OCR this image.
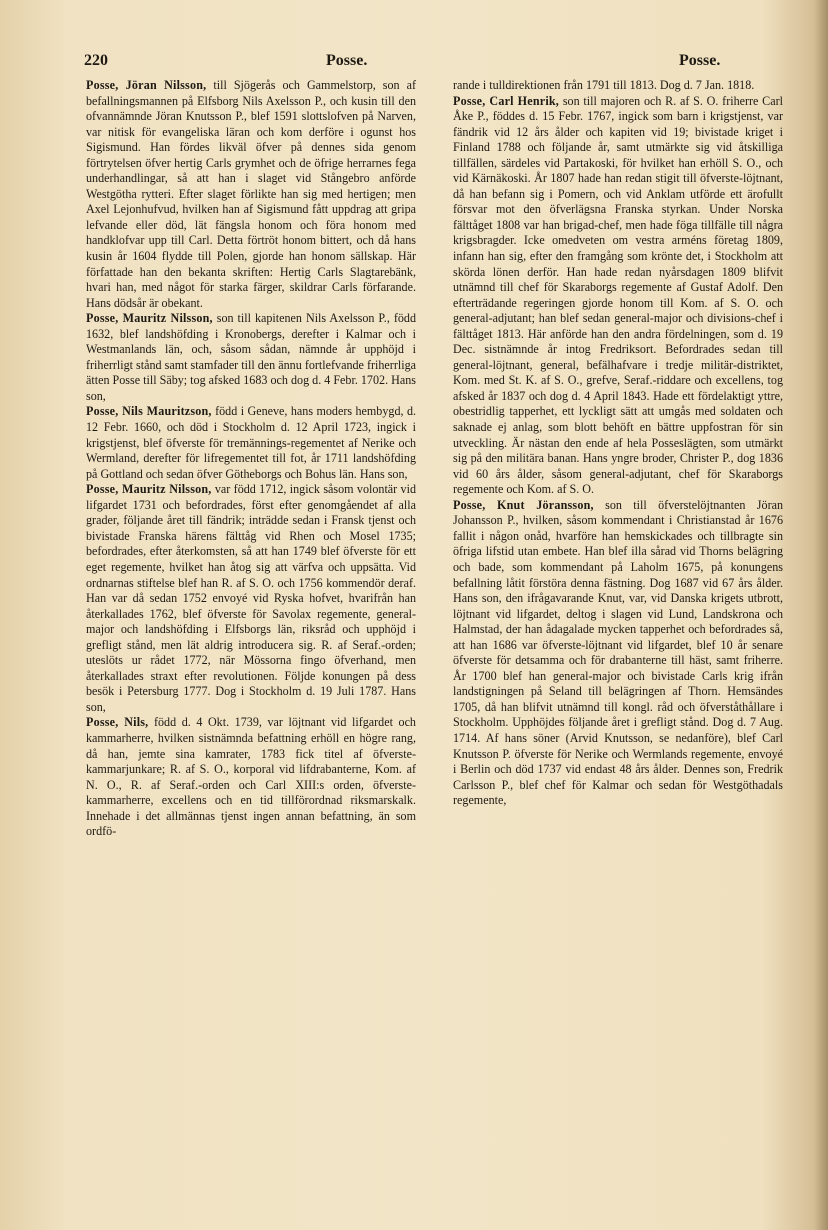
220	Posse.	Posse.

Posse, Jöran Nilsson, till Sjögerås och Gammelstorp, son af befallningsmannen på Elfsborg Nils Axelsson P., och kusin till den ofvannämnde Jöran Knutsson P., blef 1591 slottslofven på Narven, var nitisk för evangeliska läran och kom derföre i ogunst hos Sigismund. Han fördes likväl öfver på dennes sida genom förtrytelsen öfver hertig Carls grymhet och de öfrige herrarnes fega underhandlingar, så att han i slaget vid Stångebro anförde Westgötha rytteri. Efter slaget förlikte han sig med hertigen; men Axel Lejonhufvud, hvilken han af Sigismund fått uppdrag att gripa lefvande eller död, lät fängsla honom och föra honom med handklofvar upp till Carl. Detta förtröt honom bittert, och då hans kusin år 1604 flydde till Polen, gjorde han honom sällskap. Här författade han den bekanta skriften: Hertig Carls Slagtarebänk, hvari han, med något för starka färger, skildrar Carls förfarande. Hans dödsår är obekant.

Posse, Mauritz Nilsson, son till kapitenen Nils Axelsson P., född 1632, blef landshöfding i Kronobergs, derefter i Kalmar och i Westmanlands län, och, såsom sådan, nämnde år upphöjd i friherrligt stånd samt stamfader till den ännu fortlefvande friherrliga ätten Posse till Säby; tog afsked 1683 och dog d. 4 Febr. 1702. Hans son,

Posse, Nils Mauritzson, född i Geneve, hans moders hembygd, d. 12 Febr. 1660, och död i Stockholm d. 12 April 1723, ingick i krigstjenst, blef öfverste för tremännings-regementet af Nerike och Wermland, derefter för lifregementet till fot, år 1711 landshöfding på Gottland och sedan öfver Götheborgs och Bohus län. Hans son,

Posse, Mauritz Nilsson, var född 1712, ingick såsom volontär vid lifgardet 1731 och befordrades, först efter genomgåendet af alla grader, följande året till fändrik; inträdde sedan i Fransk tjenst och bivistade Franska härens fälttåg vid Rhen och Mosel 1735; befordrades, efter återkomsten, så att han 1749 blef öfverste för ett eget regemente, hvilket han åtog sig att värfva och uppsätta. Vid ordnarnas stiftelse blef han R. af S. O. och 1756 kommendör deraf. Han var då sedan 1752 envoyé vid Ryska hofvet, hvarifrån han återkallades 1762, blef öfverste för Savolax regemente, general-major och landshöfding i Elfsborgs län, riksråd och upphöjd i grefligt stånd, men lät aldrig introducera sig. R. af Seraf.-orden; uteslöts ur rådet 1772, när Mössorna fingo öfverhand, men återkallades straxt efter revolutionen. Följde konungen på dess besök i Petersburg 1777. Dog i Stockholm d. 19 Juli 1787. Hans son,

Posse, Nils, född d. 4 Okt. 1739, var löjtnant vid lifgardet och kammarherre, hvilken sistnämnda befattning erhöll en högre rang, då han, jemte sina kamrater, 1783 fick titel af öfverste-kammarjunkare; R. af S. O., korporal vid lifdrabanterne, Kom. af N. O., R. af Seraf.-orden och Carl XIII:s orden, öfverste-kammarherre, excellens och en tid tillförordnad riksmarskalk. Innehade i det allmännas tjenst ingen annan befattning, än som ordfö-

rande i tulldirektionen från 1791 till 1813. Dog d. 7 Jan. 1818.

Posse, Carl Henrik, son till majoren och R. af S. O. friherre Carl Åke P., föddes d. 15 Febr. 1767, ingick som barn i krigstjenst, var fändrik vid 12 års ålder och kapiten vid 19; bivistade kriget i Finland 1788 och följande år, samt utmärkte sig vid åtskilliga tillfällen, särdeles vid Partakoski, för hvilket han erhöll S. O., och vid Kärnäkoski. År 1807 hade han redan stigit till öfverste-löjtnant, då han befann sig i Pomern, och vid Anklam utförde ett ärofullt försvar mot den öfverlägsna Franska styrkan. Under Norska fälttåget 1808 var han brigad-chef, men hade föga tillfälle till några krigsbragder. Icke omedveten om vestra arméns företag 1809, infann han sig, efter den framgång som krönte det, i Stockholm att skörda lönen derför. Han hade redan nyårsdagen 1809 blifvit utnämnd till chef för Skaraborgs regemente af Gustaf Adolf. Den efterträdande regeringen gjorde honom till Kom. af S. O. och general-adjutant; han blef sedan general-major och divisions-chef i fälttåget 1813. Här anförde han den andra fördelningen, som d. 19 Dec. sistnämnde år intog Fredriksort. Befordrades sedan till general-löjtnant, general, befälhafvare i tredje militär-distriktet, Kom. med St. K. af S. O., grefve, Seraf.-riddare och excellens, tog afsked år 1837 och dog d. 4 April 1843. Hade ett fördelaktigt yttre, obestridlig tapperhet, ett lyckligt sätt att umgås med soldaten och saknade ej anlag, som blott behöft en bättre uppfostran för sin utveckling. Är nästan den ende af hela Posseslägten, som utmärkt sig på den militära banan. Hans yngre broder, Christer P., dog 1836 vid 60 års ålder, såsom general-adjutant, chef för Skaraborgs regemente och Kom. af S. O.

Posse, Knut Jöransson, son till öfverstelöjtnanten Jöran Johansson P., hvilken, såsom kommendant i Christianstad år 1676 fallit i någon onåd, hvarföre han hemskickades och tillbragte sin öfriga lifstid utan embete. Han blef illa sårad vid Thorns belägring och bade, som kommendant på Laholm 1675, på konungens befallning låtit förstöra denna fästning. Dog 1687 vid 67 års ålder. Hans son, den ifrågavarande Knut, var, vid Danska krigets utbrott, löjtnant vid lifgardet, deltog i slagen vid Lund, Landskrona och Halmstad, der han ådagalade mycken tapperhet och befordrades så, att han 1686 var öfverste-löjtnant vid lifgardet, blef 10 år senare öfverste för detsamma och för drabanterne till häst, samt friherre. År 1700 blef han general-major och bivistade Carls krig ifrån landstigningen på Seland till belägringen af Thorn. Hemsändes 1705, då han blifvit utnämnd till kongl. råd och öfverståthållare i Stockholm. Upphöjdes följande året i grefligt stånd. Dog d. 7 Aug. 1714. Af hans söner (Arvid Knutsson, se nedanföre), blef Carl Knutsson P. öfverste för Nerike och Wermlands regemente, envoyé i Berlin och död 1737 vid endast 48 års ålder. Dennes son, Fredrik Carlsson P., blef chef för Kalmar och sedan för Westgöthadals regemente,
